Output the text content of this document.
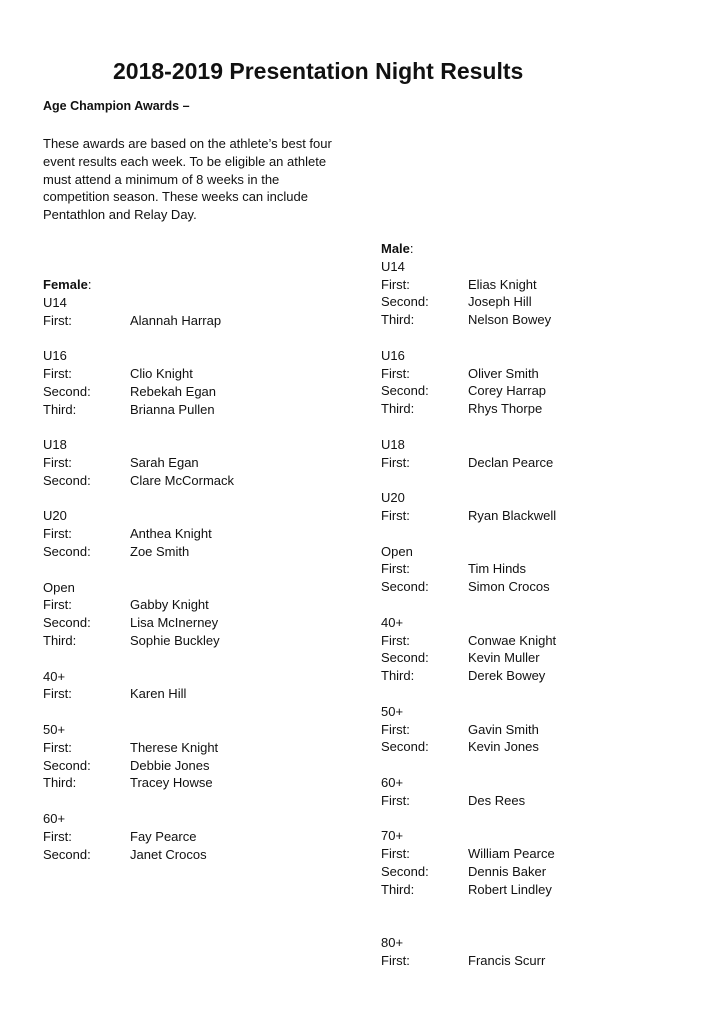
2018-2019 Presentation Night Results
Age Champion Awards –
These awards are based on the athlete’s best four event results each week. To be eligible an athlete must attend a minimum of 8 weeks in the competition season. These weeks can include Pentathlon and Relay Day.
Female:
U14
First:	Alannah Harrap
U16
First:	Clio Knight
Second:	Rebekah Egan
Third:	Brianna Pullen
U18
First:	Sarah Egan
Second:	Clare McCormack
U20
First:	Anthea Knight
Second:	Zoe Smith
Open
First:	Gabby Knight
Second:	Lisa McInerney
Third:	Sophie Buckley
40+
First:	Karen Hill
50+
First:	Therese Knight
Second:	Debbie Jones
Third:	Tracey Howse
60+
First:	Fay Pearce
Second:	Janet Crocos
Male:
U14
First:	Elias Knight
Second:	Joseph Hill
Third:	Nelson Bowey
U16
First:	Oliver Smith
Second:	Corey Harrap
Third:	Rhys Thorpe
U18
First:	Declan Pearce
U20
First:	Ryan Blackwell
Open
First:	Tim Hinds
Second:	Simon Crocos
40+
First:	Conwae Knight
Second:	Kevin Muller
Third:	Derek Bowey
50+
First:	Gavin Smith
Second:	Kevin Jones
60+
First:	Des Rees
70+
First:	William Pearce
Second:	Dennis Baker
Third:	Robert Lindley
80+
First:	Francis Scurr
